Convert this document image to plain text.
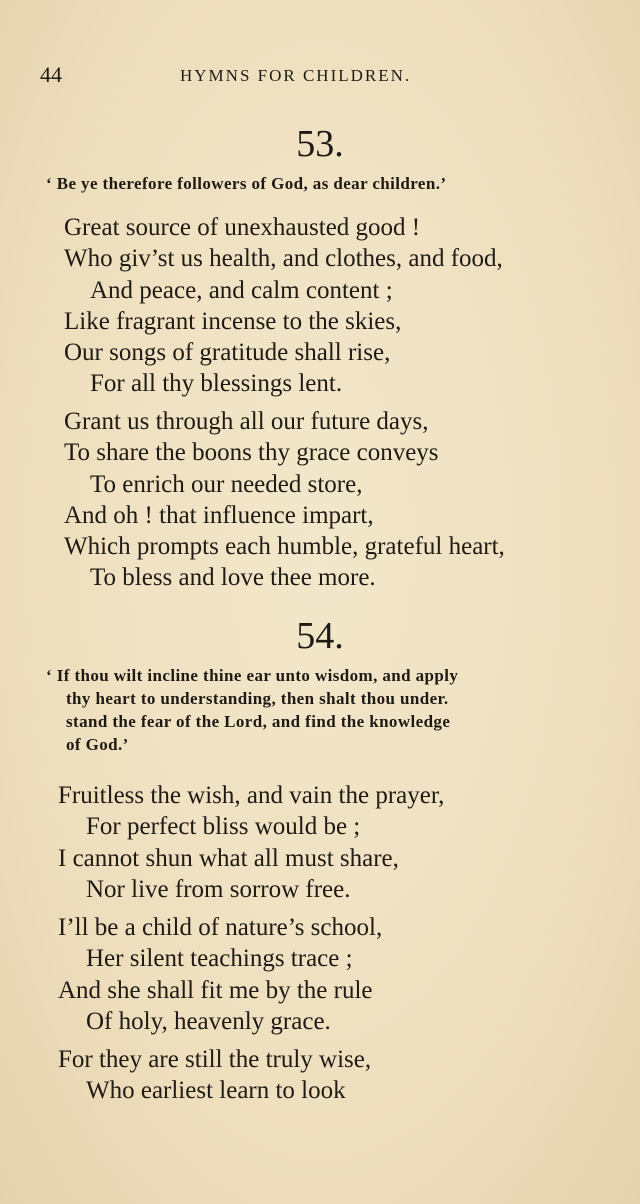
44	HYMNS FOR CHILDREN.
53.
‘ Be ye therefore followers of God, as dear children.’
Great source of unexhausted good !
Who giv’st us health, and clothes, and food,
And peace, and calm content ;
Like fragrant incense to the skies,
Our songs of gratitude shall rise,
For all thy blessings lent.
Grant us through all our future days,
To share the boons thy grace conveys
To enrich our needed store,
And oh ! that influence impart,
Which prompts each humble, grateful heart,
To bless and love thee more.
54.
‘ If thou wilt incline thine ear unto wisdom, and apply
thy heart to understanding, then shalt thou under.
stand the fear of the Lord, and find the knowledge
of God.’
Fruitless the wish, and vain the prayer,
For perfect bliss would be ;
I cannot shun what all must share,
Nor live from sorrow free.
I’ll be a child of nature’s school,
Her silent teachings trace ;
And she shall fit me by the rule
Of holy, heavenly grace.
For they are still the truly wise,
Who earliest learn to look
